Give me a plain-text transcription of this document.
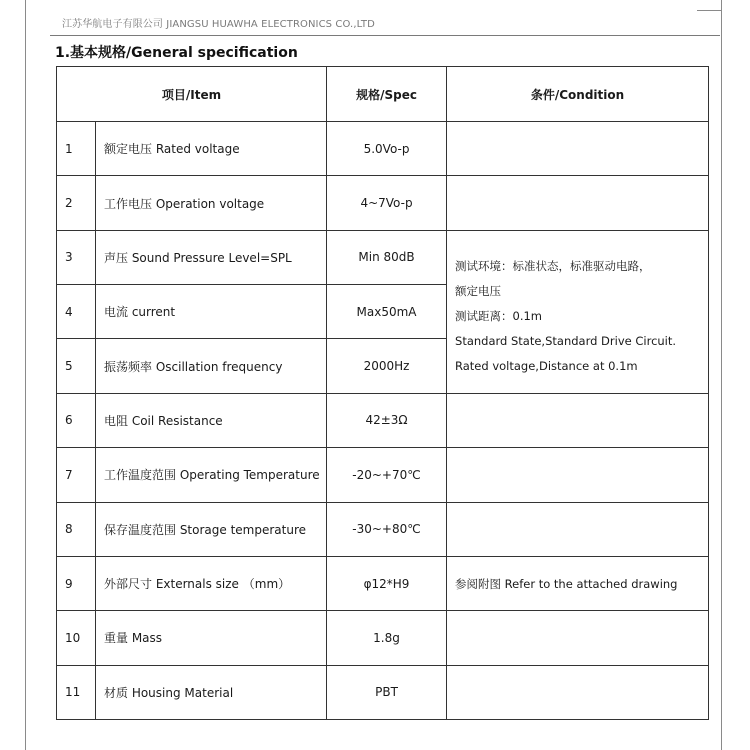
江苏华航电子有限公司 JIANGSU HUAWHA ELECTRONICS CO.,LTD
1.基本规格/General specification
项目/Item		规格/Spec	条件/Condition
1	额定电压 Rated voltage	5.0Vo-p	
2	工作电压 Operation voltage	4~7Vo-p	
3	声压 Sound Pressure Level=SPL	Min 80dB	测试环境：标准状态，标准驱动电路，
额定电压
测试距离：0.1m
Standard State,Standard Drive Circuit.
Rated voltage,Distance at 0.1m

4	电流 current	Max50mA	
5	振荡频率 Oscillation frequency	2000Hz	
6	电阻 Coil Resistance	42±3Ω	
7	工作温度范围 Operating Temperature	-20~+70℃	
8	保存温度范围 Storage temperature	-30~+80℃	
9	外部尺寸 Externals size （mm）	φ12*H9	参阅附图 Refer to the attached drawing
10	重量 Mass	1.8g	
11	材质 Housing Material	PBT	
